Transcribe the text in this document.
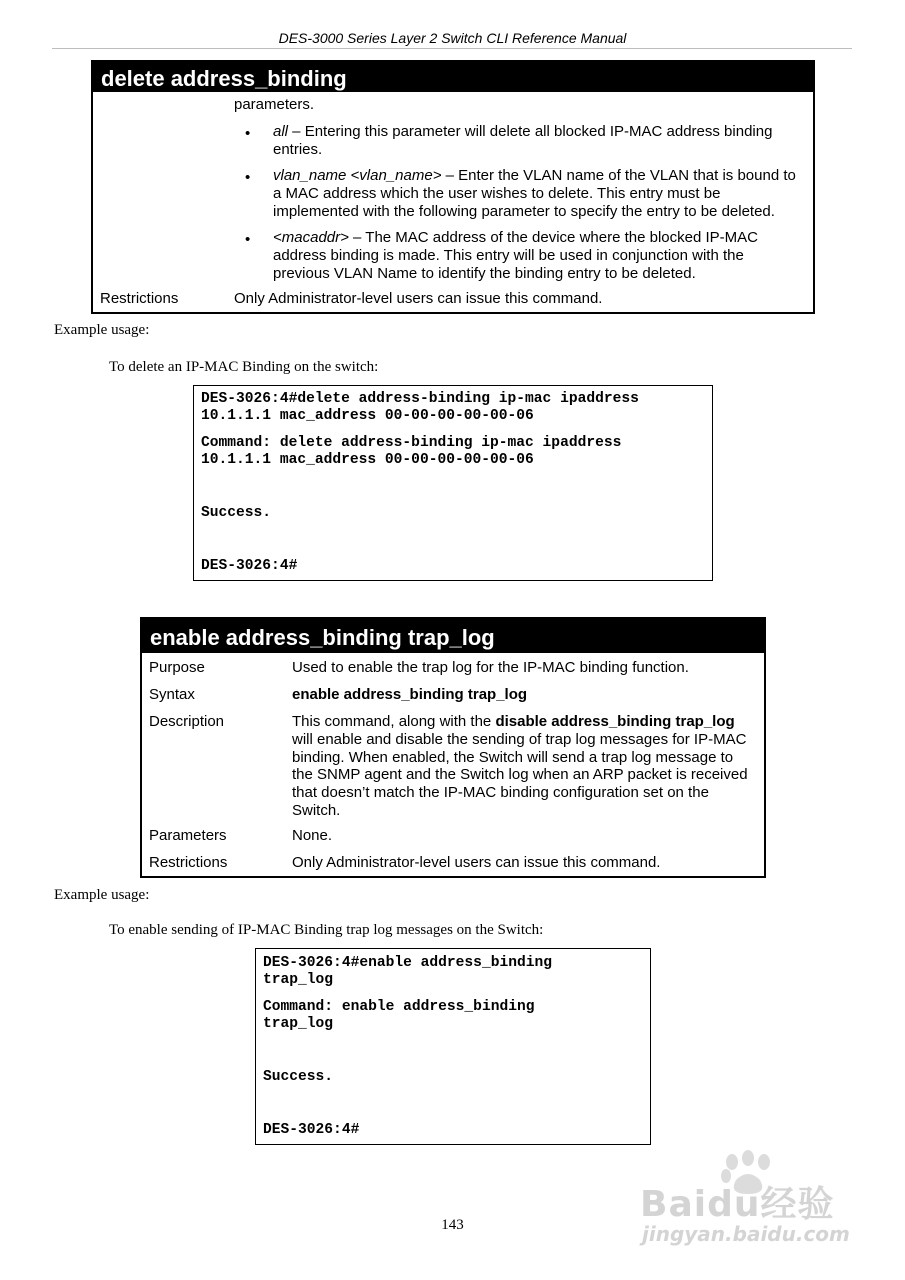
DES-3000 Series Layer 2 Switch CLI Reference Manual
delete address_binding
parameters.
• all – Entering this parameter will delete all blocked IP-MAC address binding
entries.
• vlan_name <vlan_name> – Enter the VLAN name of the VLAN that is bound to
a MAC address which the user wishes to delete. This entry must be
implemented with the following parameter to specify the entry to be deleted.
• <macaddr> – The MAC address of the device where the blocked IP-MAC
address binding is made. This entry will be used in conjunction with the
previous VLAN Name to identify the binding entry to be deleted.
Restrictions	Only Administrator-level users can issue this command.
Example usage:
To delete an IP-MAC Binding on the switch:
DES-3026:4#delete address-binding ip-mac ipaddress
10.1.1.1 mac_address 00-00-00-00-00-06
Command: delete address-binding ip-mac ipaddress
10.1.1.1 mac_address 00-00-00-00-00-06
Success.
DES-3026:4#
enable address_binding trap_log
Purpose	Used to enable the trap log for the IP-MAC binding function.
Syntax	enable address_binding trap_log
Description	This command, along with the disable address_binding trap_log
will enable and disable the sending of trap log messages for IP-MAC
binding. When enabled, the Switch will send a trap log message to
the SNMP agent and the Switch log when an ARP packet is received
that doesn’t match the IP-MAC binding configuration set on the
Switch.
Parameters	None.
Restrictions	Only Administrator-level users can issue this command.
Example usage:
To enable sending of IP-MAC Binding trap log messages on the Switch:
DES-3026:4#enable address_binding
trap_log
Command: enable address_binding
trap_log
Success.
DES-3026:4#
143	Baidu经验
jingyan.baidu.com
